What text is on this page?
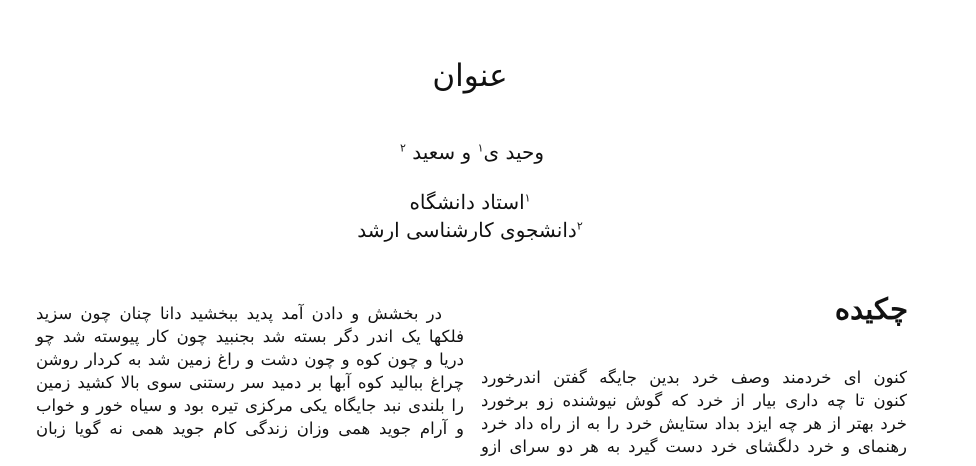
عنوان
وحید ی$^۱$ و سعید $^۲$
$^۱$استاد دانشگاه
$^۲$دانشجوی کارشناسی ارشد
چکیده
کنون ای خردمند وصف خرد بدین جایگه گفتن اندرخورد
کنون تا چه داری بیار از خرد که گوش نیوشنده زو برخورد
خرد بهتر از هر چه ایزد بداد ستایش خرد را به از راه داد خرد
رهنمای و خرد دلگشای خرد دست گیرد به هر دو سرای ازو
در بخشش و دادن آمد پدید ببخشید دانا چنان چون سزید
فلکها یک اندر دگر بسته شد بجنبید چون کار پیوسته شد چو
دریا و چون کوه و چون دشت و راغ زمین شد به کردار روشن
چراغ ببالید کوه آبها بر دمید سر رستنی سوی بالا کشید زمین
را بلندی نبد جایگاه یکی مرکزی تیره بود و سیاه خور و خواب
و آرام جوید همی وزان زندگی کام جوید همی نه گویا زبان
